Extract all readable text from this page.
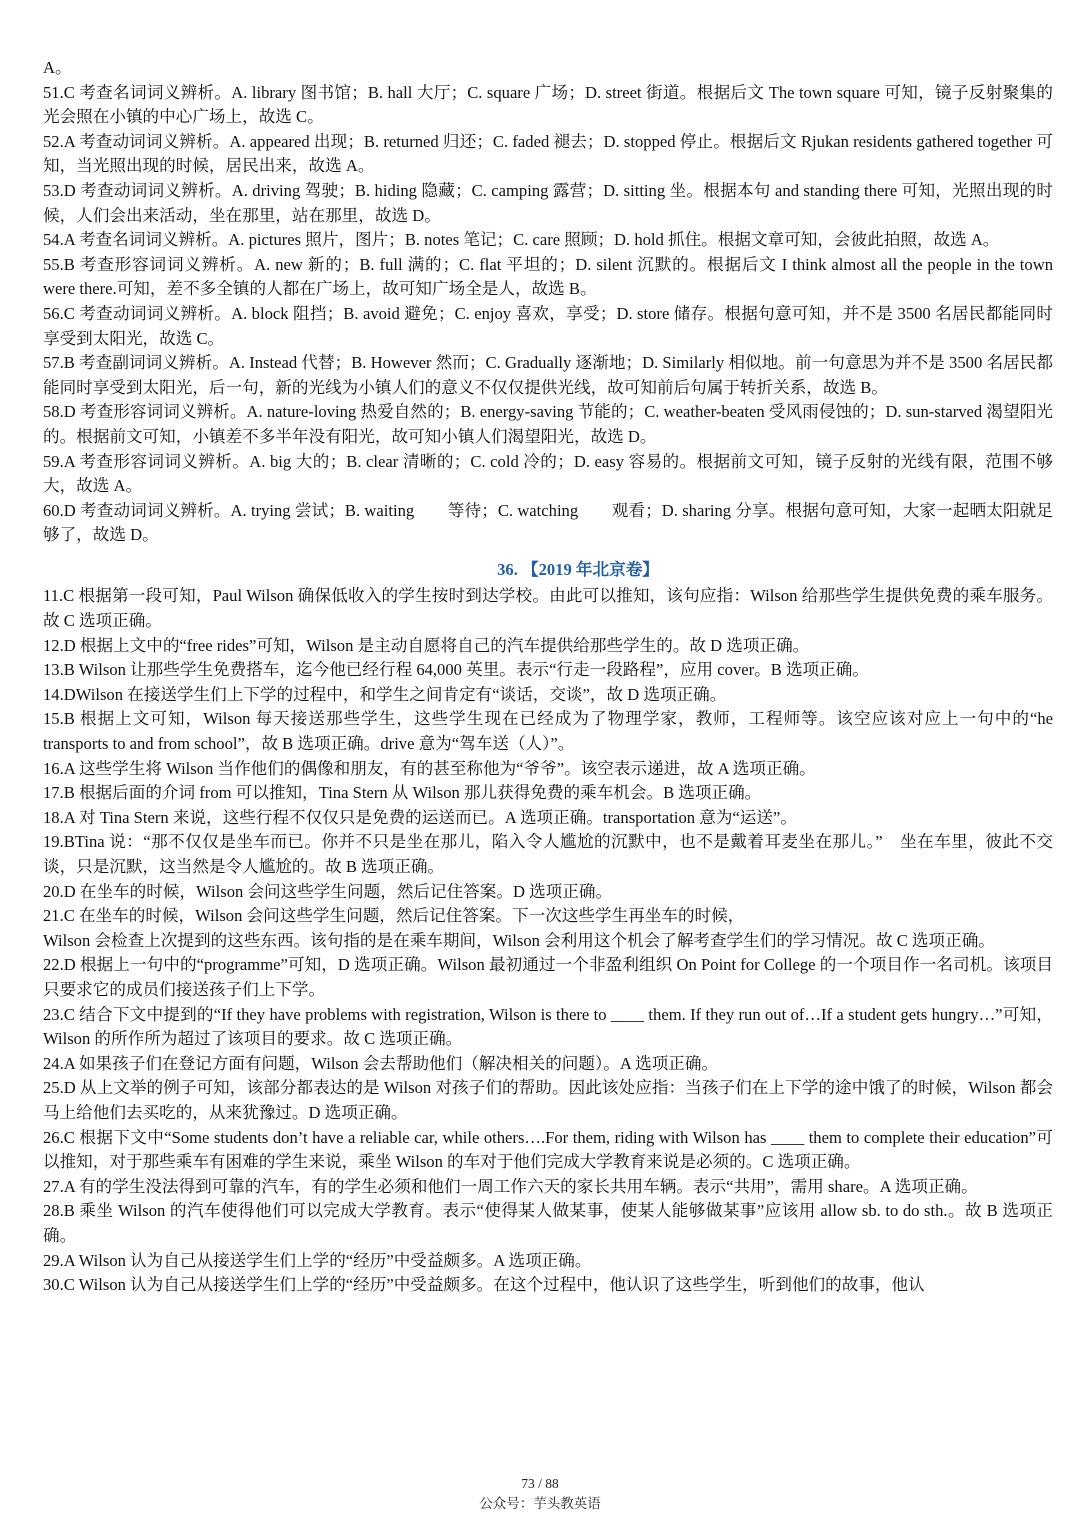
A。

51.C 考查名词词义辨析。A. library 图书馆；B. hall 大厅；C. square 广场；D. street 街道。根据后文 The town square 可知，镜子反射聚集的光会照在小镇的中心广场上，故选 C。

52.A 考查动词词义辨析。A. appeared 出现；B. returned 归还；C. faded 褪去；D. stopped 停止。根据后文 Rjukan residents gathered together 可知，当光照出现的时候，居民出来，故选 A。

53.D 考查动词词义辨析。A. driving 驾驶；B. hiding 隐藏；C. camping 露营；D. sitting 坐。根据本句 and standing there 可知，光照出现的时候，人们会出来活动，坐在那里，站在那里，故选 D。

54.A 考查名词词义辨析。A. pictures 照片，图片；B. notes 笔记；C. care 照顾；D. hold 抓住。根据文章可知，会彼此拍照，故选 A。

55.B 考查形容词词义辨析。A. new 新的；B. full 满的；C. flat 平坦的；D. silent 沉默的。根据后文 I think almost all the people in the town were there.可知，差不多全镇的人都在广场上，故可知广场全是人，故选 B。

56.C 考查动词词义辨析。A. block 阻挡；B. avoid 避免；C. enjoy 喜欢，享受；D. store 储存。根据句意可知，并不是 3500 名居民都能同时享受到太阳光，故选 C。

57.B 考查副词词义辨析。A. Instead 代替；B. However 然而；C. Gradually 逐渐地；D. Similarly 相似地。前一句意思为并不是 3500 名居民都能同时享受到太阳光，后一句，新的光线为小镇人们的意义不仅仅提供光线，故可知前后句属于转折关系，故选 B。

58.D 考查形容词词义辨析。A. nature-loving 热爱自然的；B. energy-saving 节能的；C. weather-beaten 受风雨侵蚀的；D. sun-starved 渴望阳光的。根据前文可知，小镇差不多半年没有阳光，故可知小镇人们渴望阳光，故选 D。

59.A 考查形容词词义辨析。A. big 大的；B. clear 清晰的；C. cold 冷的；D. easy 容易的。根据前文可知，镜子反射的光线有限，范围不够大，故选 A。

60.D 考查动词词义辨析。A. trying 尝试；B. waiting　　等待；C. watching　　观看；D. sharing 分享。根据句意可知，大家一起晒太阳就足够了，故选 D。

36. 【2019 年北京卷】

11.C 根据第一段可知，Paul Wilson 确保低收入的学生按时到达学校。由此可以推知，该句应指：Wilson 给那些学生提供免费的乘车服务。故 C 选项正确。

12.D 根据上文中的“free rides”可知，Wilson 是主动自愿将自己的汽车提供给那些学生的。故 D 选项正确。

13.B Wilson 让那些学生免费搭车，迄今他已经行程 64,000 英里。表示“行走一段路程”，应用 cover。B 选项正确。

14.DWilson 在接送学生们上下学的过程中，和学生之间肯定有“谈话，交谈”，故 D 选项正确。

15.B 根据上文可知，Wilson 每天接送那些学生，这些学生现在已经成为了物理学家，教师，工程师等。该空应该对应上一句中的“he transports to and from school”，故 B 选项正确。drive 意为“驾车送（人）”。

16.A 这些学生将 Wilson 当作他们的偶像和朋友，有的甚至称他为“爷爷”。该空表示递进，故 A 选项正确。

17.B 根据后面的介词 from 可以推知，Tina Stern 从 Wilson 那儿获得免费的乘车机会。B 选项正确。

18.A 对 Tina Stern 来说，这些行程不仅仅只是免费的运送而已。A 选项正确。transportation 意为“运送”。

19.BTina 说：“那不仅仅是坐车而已。你并不只是坐在那儿，陷入令人尴尬的沉默中，也不是戴着耳麦坐在那儿。”　坐在车里，彼此不交谈，只是沉默，这当然是令人尴尬的。故 B 选项正确。

20.D 在坐车的时候，Wilson 会问这些学生问题，然后记住答案。D 选项正确。

21.C 在坐车的时候，Wilson 会问这些学生问题，然后记住答案。下一次这些学生再坐车的时候，

Wilson 会检查上次提到的这些东西。该句指的是在乘车期间，Wilson 会利用这个机会了解考查学生们的学习情况。故 C 选项正确。

22.D 根据上一句中的“programme”可知，D 选项正确。Wilson 最初通过一个非盈利组织 On Point for College 的一个项目作一名司机。该项目只要求它的成员们接送孩子们上下学。

23.C 结合下文中提到的“If they have problems with registration, Wilson is there to ____ them. If they run out of…If a student gets hungry…”可知，Wilson 的所作所为超过了该项目的要求。故 C 选项正确。

24.A 如果孩子们在登记方面有问题，Wilson 会去帮助他们（解决相关的问题）。A 选项正确。

25.D 从上文举的例子可知，该部分都表达的是 Wilson 对孩子们的帮助。因此该处应指：当孩子们在上下学的途中饿了的时候，Wilson 都会马上给他们去买吃的，从来犹豫过。D 选项正确。

26.C 根据下文中“Some students don’t have a reliable car, while others….For them, riding with Wilson has ____ them to complete their education”可以推知，对于那些乘车有困难的学生来说，乘坐 Wilson 的车对于他们完成大学教育来说是必须的。C 选项正确。

27.A 有的学生没法得到可靠的汽车，有的学生必须和他们一周工作六天的家长共用车辆。表示“共用”，需用 share。A 选项正确。

28.B 乘坐 Wilson 的汽车使得他们可以完成大学教育。表示“使得某人做某事，使某人能够做某事”应该用 allow sb. to do sth.。故 B 选项正确。

29.A Wilson 认为自己从接送学生们上学的“经历”中受益颇多。A 选项正确。

30.C Wilson 认为自己从接送学生们上学的“经历”中受益颇多。在这个过程中，他认识了这些学生，听到他们的故事，他认

73 / 88
公众号：芋头教英语
